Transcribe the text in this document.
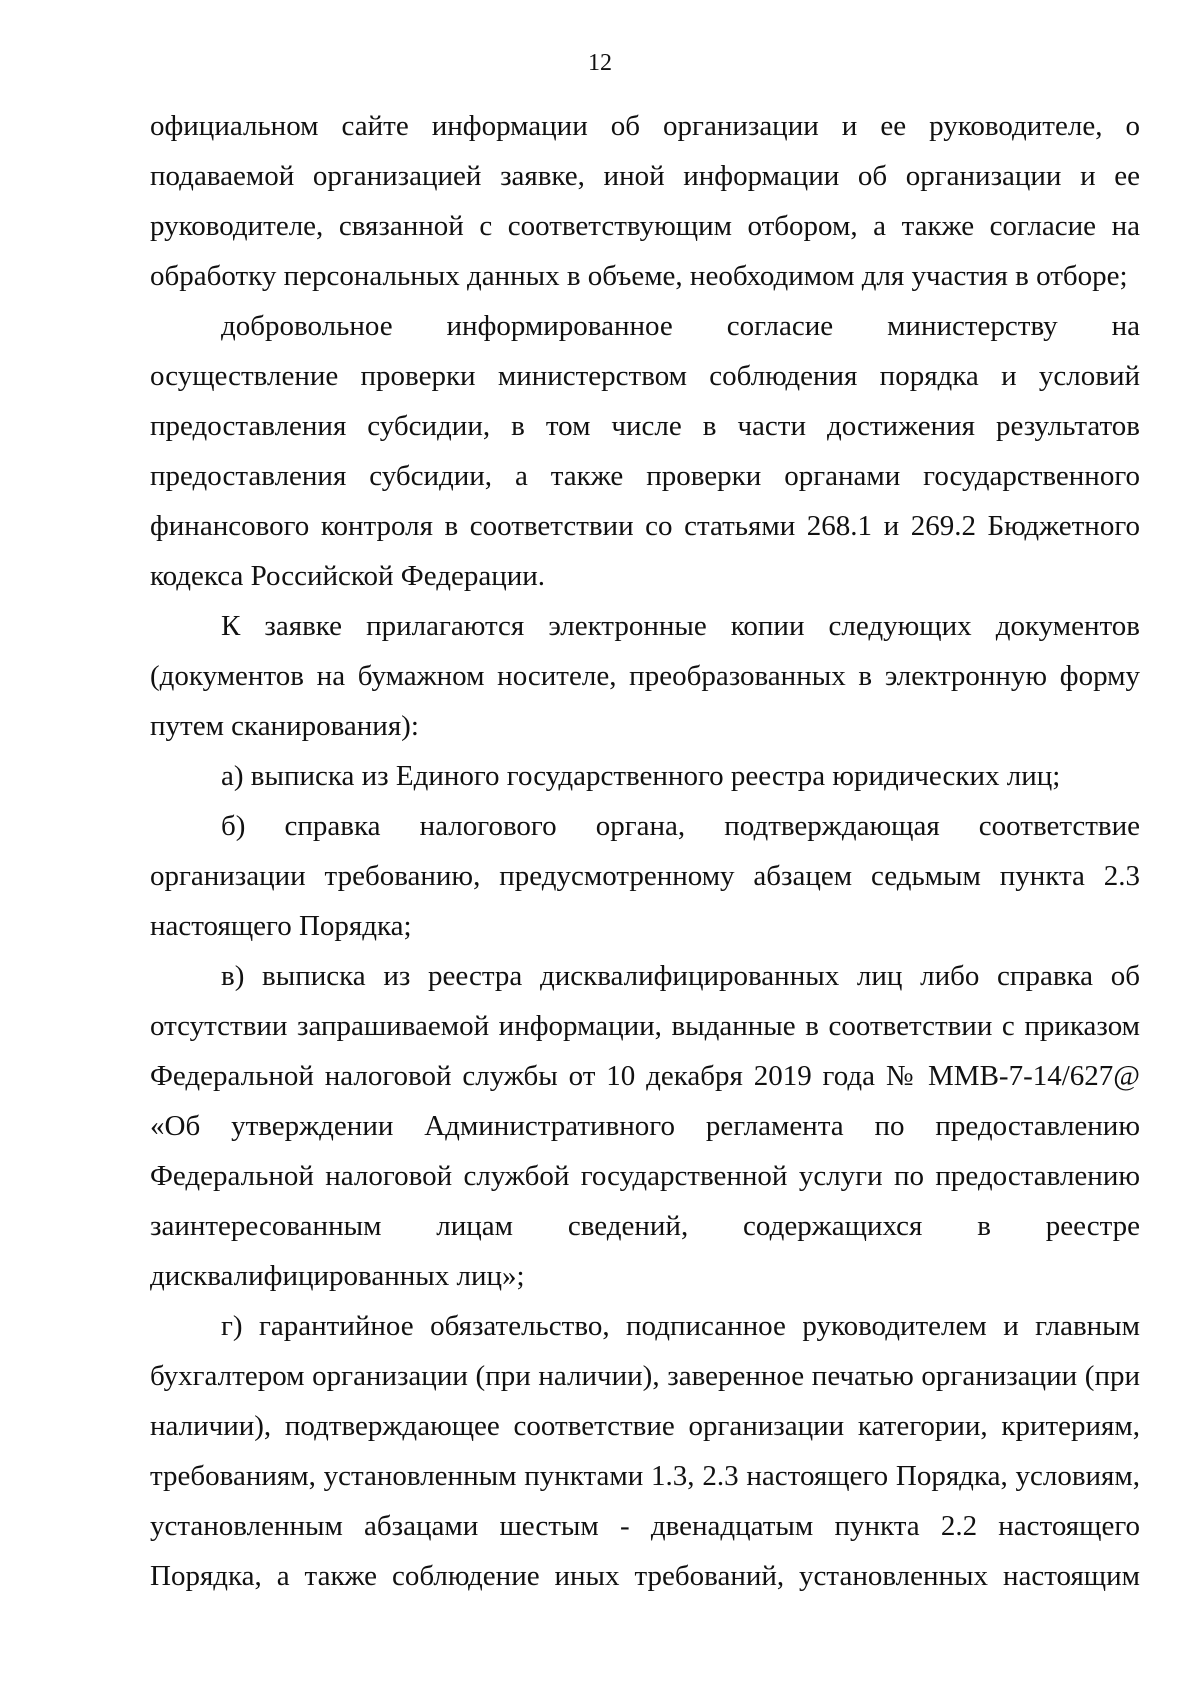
12

официальном сайте информации об организации и ее руководителе, о подаваемой организацией заявке, иной информации об организации и ее руководителе, связанной с соответствующим отбором, а также согласие на обработку персональных данных в объеме, необходимом для участия в отборе;

добровольное информированное согласие министерству на осуществление проверки министерством соблюдения порядка и условий предоставления субсидии, в том числе в части достижения результатов предоставления субсидии, а также проверки органами государственного финансового контроля в соответствии со статьями 268.1 и 269.2 Бюджетного кодекса Российской Федерации.

К заявке прилагаются электронные копии следующих документов (документов на бумажном носителе, преобразованных в электронную форму путем сканирования):

а) выписка из Единого государственного реестра юридических лиц;

б) справка налогового органа, подтверждающая соответствие организации требованию, предусмотренному абзацем седьмым пункта 2.3 настоящего Порядка;

в) выписка из реестра дисквалифицированных лиц либо справка об отсутствии запрашиваемой информации, выданные в соответствии с приказом Федеральной налоговой службы от 10 декабря 2019 года № ММВ-7-14/627@ «Об утверждении Административного регламента по предоставлению Федеральной налоговой службой государственной услуги по предоставлению заинтересованным лицам сведений, содержащихся в реестре дисквалифицированных лиц»;

г) гарантийное обязательство, подписанное руководителем и главным бухгалтером организации (при наличии), заверенное печатью организации (при наличии), подтверждающее соответствие организации категории, критериям, требованиям, установленным пунктами 1.3, 2.3 настоящего Порядка, условиям, установленным абзацами шестым - двенадцатым пункта 2.2 настоящего Порядка, а также соблюдение иных требований, установленных настоящим
